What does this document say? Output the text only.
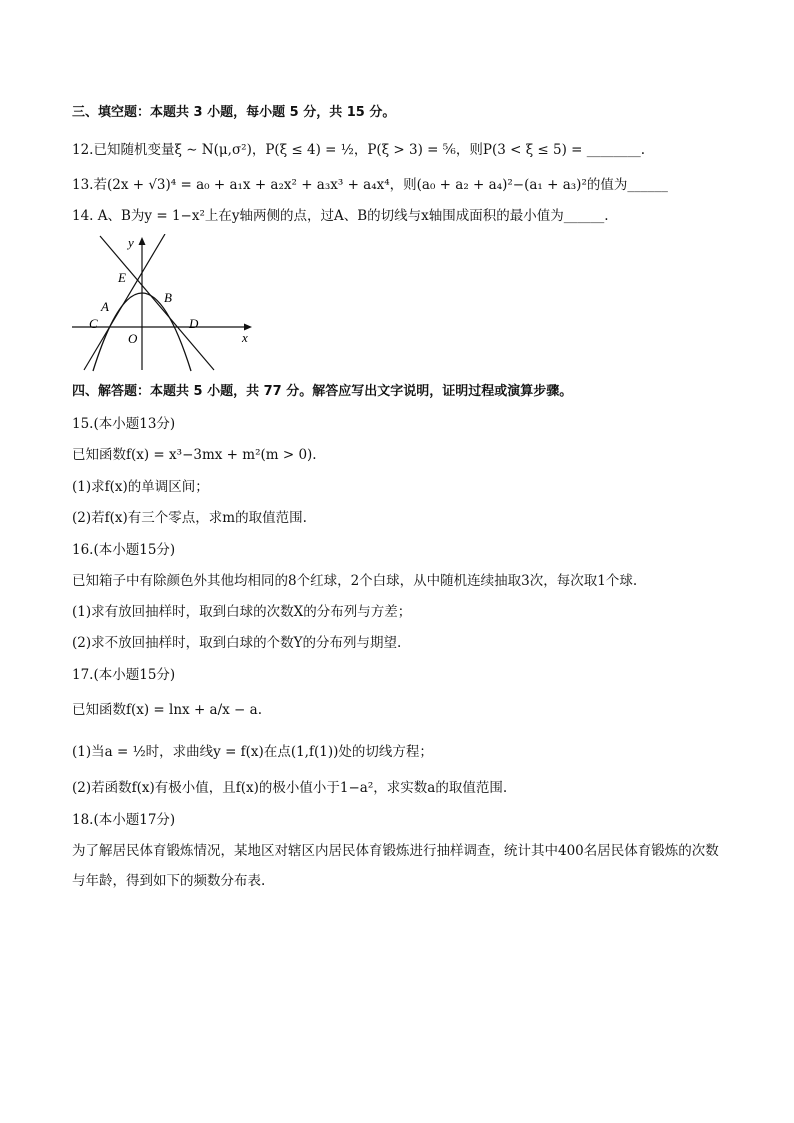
三、填空题：本题共 3 小题，每小题 5 分，共 15 分。
12.已知随机变量ξ ∼ N(μ,σ²)，P(ξ ≤ 4) = ½，P(ξ > 3) = ⅚，则P(3 < ξ ≤ 5) = ________.
13.若(2x + √3)⁴ = a₀ + a₁x + a₂x² + a₃x³ + a₄x⁴，则(a₀ + a₂ + a₄)²−(a₁ + a₃)²的值为______
14. A、B为y = 1−x²上在y轴两侧的点，过A、B的切线与x轴围成面积的最小值为______.
y
x
E
A
B
C	D
O
四、解答题：本题共 5 小题，共 77 分。解答应写出文字说明，证明过程或演算步骤。
15.(本小题13分)
已知函数f(x) = x³−3mx + m²(m > 0).
(1)求f(x)的单调区间；
(2)若f(x)有三个零点，求m的取值范围.
16.(本小题15分)
已知箱子中有除颜色外其他均相同的8个红球，2个白球，从中随机连续抽取3次，每次取1个球.
(1)求有放回抽样时，取到白球的次数X的分布列与方差；
(2)求不放回抽样时，取到白球的个数Y的分布列与期望.
17.(本小题15分)
已知函数f(x) = lnx + a/x − a.
(1)当a = ½时，求曲线y = f(x)在点(1,f(1))处的切线方程；
(2)若函数f(x)有极小值，且f(x)的极小值小于1−a²，求实数a的取值范围.
18.(本小题17分)
为了解居民体育锻炼情况，某地区对辖区内居民体育锻炼进行抽样调查，统计其中400名居民体育锻炼的次数与年龄，得到如下的频数分布表.
